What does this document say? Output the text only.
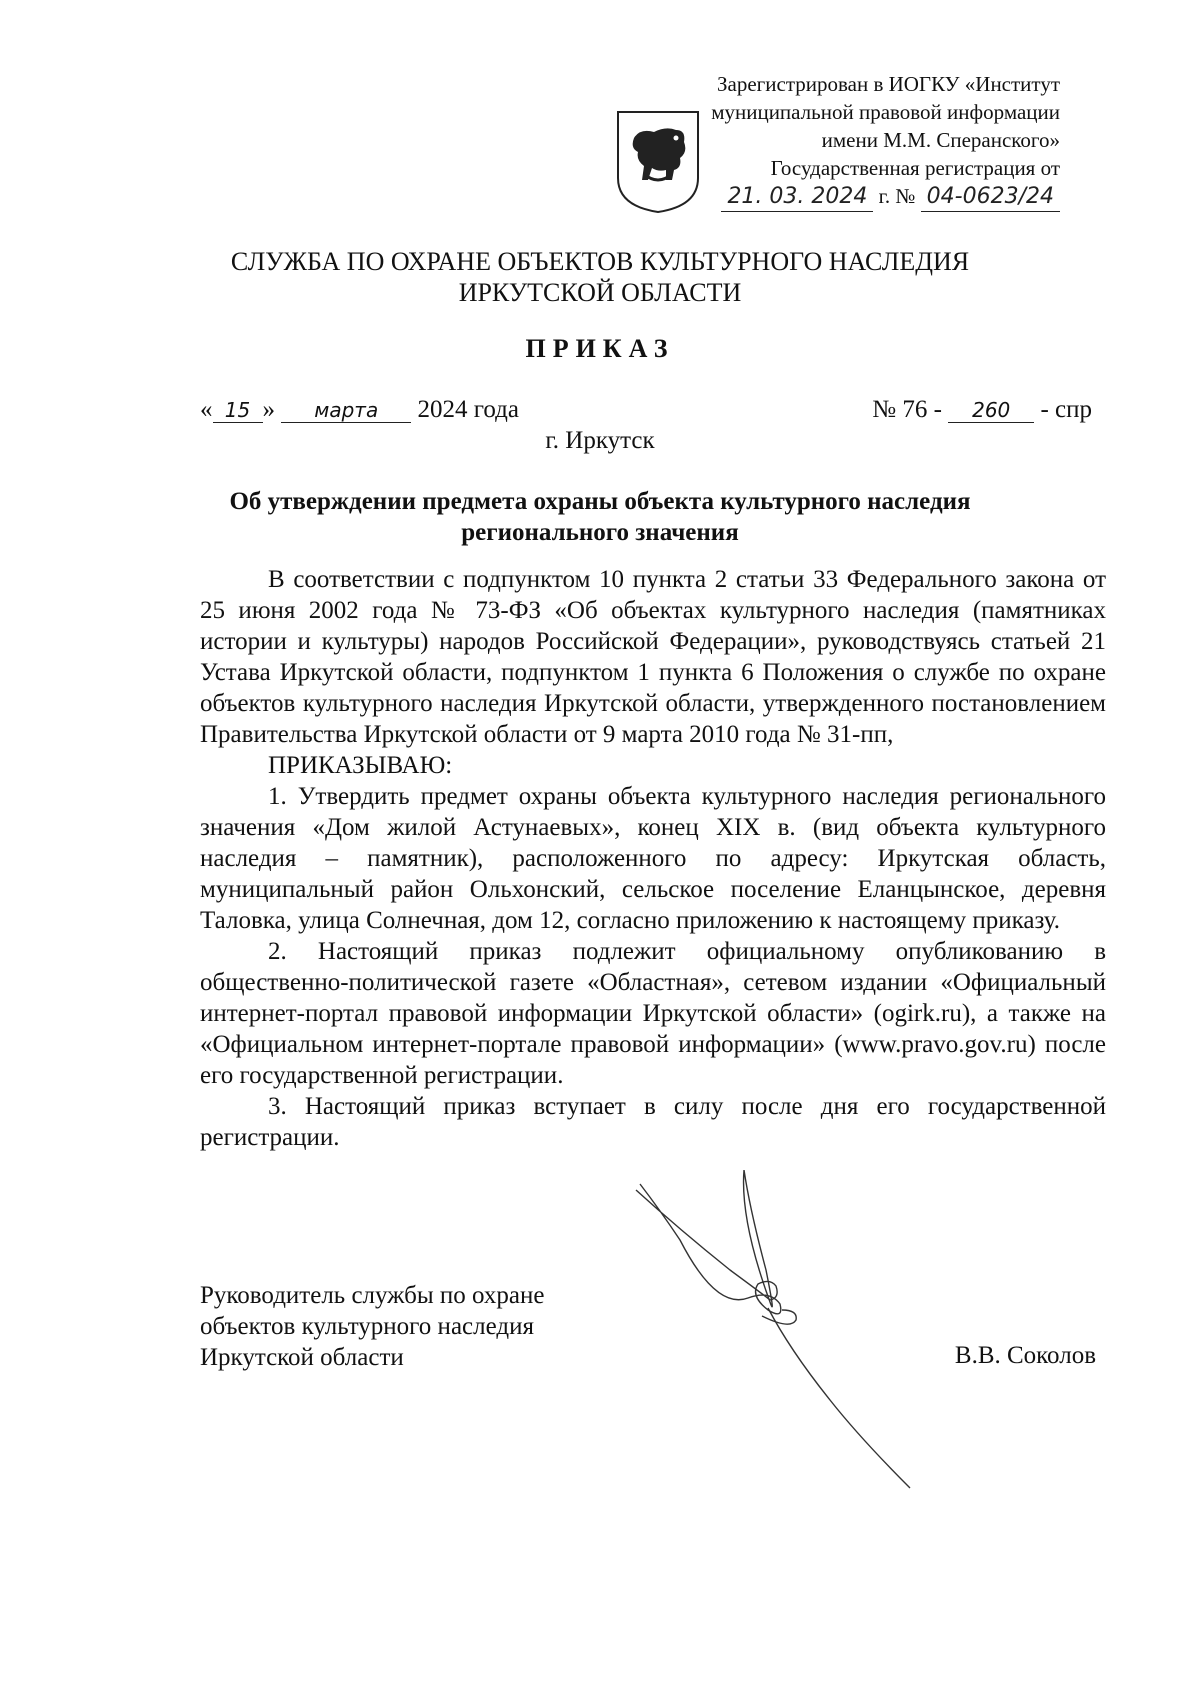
Зарегистрирован в ИОГКУ «Институт
муниципальной правовой информации
имени М.М. Сперанского»
Государственная регистрация от
21. 03. 2024 г. № 04-0623/24
СЛУЖБА ПО ОХРАНЕ ОБЪЕКТОВ КУЛЬТУРНОГО НАСЛЕДИЯ
ИРКУТСКОЙ ОБЛАСТИ
ПРИКАЗ
« 15 » марта 2024 года	№ 76 - 260 - спр
г. Иркутск
Об утверждении предмета охраны объекта культурного наследия
регионального значения

В соответствии с подпунктом 10 пункта 2 статьи 33 Федерального закона от 25 июня 2002 года № 73-ФЗ «Об объектах культурного наследия (памятниках истории и культуры) народов Российской Федерации», руководствуясь статьей 21 Устава Иркутской области, подпунктом 1 пункта 6 Положения о службе по охране объектов культурного наследия Иркутской области, утвержденного постановлением Правительства Иркутской области от 9 марта 2010 года № 31-пп,

ПРИКАЗЫВАЮ:

1. Утвердить предмет охраны объекта культурного наследия регионального значения «Дом жилой Астунаевых», конец XIX в. (вид объекта культурного наследия – памятник), расположенного по адресу: Иркутская область, муниципальный район Ольхонский, сельское поселение Еланцынское, деревня Таловка, улица Солнечная, дом 12, согласно приложению к настоящему приказу.

2. Настоящий приказ подлежит официальному опубликованию в общественно-политической газете «Областная», сетевом издании «Официальный интернет-портал правовой информации Иркутской области» (ogirk.ru), а также на «Официальном интернет-портале правовой информации» (www.pravo.gov.ru) после его государственной регистрации.

3. Настоящий приказ вступает в силу после дня его государственной регистрации.

Руководитель службы по охране
объектов культурного наследия
Иркутской области	В.В. Соколов
